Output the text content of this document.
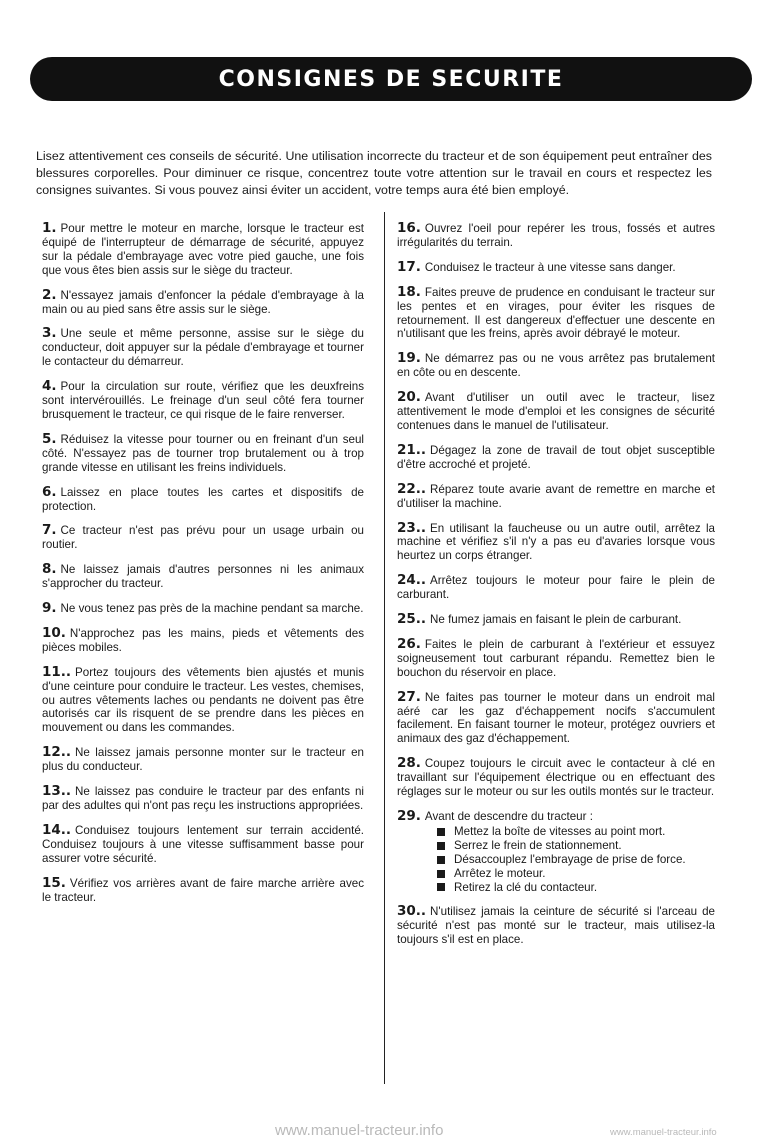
CONSIGNES DE SECURITE

Lisez attentivement ces conseils de sécurité. Une utilisation incorrecte du tracteur et de son équipement peut entraîner des blessures corporelles. Pour diminuer ce risque, concentrez toute votre attention sur le travail en cours et respectez les consignes suivantes. Si vous pouvez ainsi éviter un accident, votre temps aura été bien employé.

1. Pour mettre le moteur en marche, lorsque le tracteur est équipé de l'interrupteur de démarrage de sécurité, appuyez sur la pédale d'embrayage avec votre pied gauche, une fois que vous êtes bien assis sur le siège du tracteur.
2. N'essayez jamais d'enfoncer la pédale d'embrayage à la main ou au pied sans être assis sur le siège.
3. Une seule et même personne, assise sur le siège du conducteur, doit appuyer sur la pédale d'embrayage et tourner le contacteur du démarreur.
4. Pour la circulation sur route, vérifiez que les deuxfreins sont intervérouillés. Le freinage d'un seul côté fera tourner brusquement le tracteur, ce qui risque de le faire renverser.
5. Réduisez la vitesse pour tourner ou en freinant d'un seul côté. N'essayez pas de tourner trop brutalement ou à trop grande vitesse en utilisant les freins individuels.
6. Laissez en place toutes les cartes et dispositifs de protection.
7. Ce tracteur n'est pas prévu pour un usage urbain ou routier.
8. Ne laissez jamais d'autres personnes ni les animaux s'approcher du tracteur.
9. Ne vous tenez pas près de la machine pendant sa marche.
10. N'approchez pas les mains, pieds et vêtements des pièces mobiles.
11.. Portez toujours des vêtements bien ajustés et munis d'une ceinture pour conduire le tracteur. Les vestes, chemises, ou autres vêtements laches ou pendants ne doivent pas être autorisés car ils risquent de se prendre dans les pièces en mouvement ou dans les commandes.
12.. Ne laissez jamais personne monter sur le tracteur en plus du conducteur.
13.. Ne laissez pas conduire le tracteur par des enfants ni par des adultes qui n'ont pas reçu les instructions appropriées.
14.. Conduisez toujours lentement sur terrain accidenté. Conduisez toujours à une vitesse suffisamment basse pour assurer votre sécurité.
15. Vérifiez vos arrières avant de faire marche arrière avec le tracteur.
16. Ouvrez l'oeil pour repérer les trous, fossés et autres irrégularités du terrain.
17. Conduisez le tracteur à une vitesse sans danger.
18. Faites preuve de prudence en conduisant le tracteur sur les pentes et en virages, pour éviter les risques de retournement. Il est dangereux d'effectuer une descente en n'utilisant que les freins, après avoir débrayé le moteur.
19. Ne démarrez pas ou ne vous arrêtez pas brutalement en côte ou en descente.
20. Avant d'utiliser un outil avec le tracteur, lisez attentivement le mode d'emploi et les consignes de sécurité contenues dans le manuel de l'utilisateur.
21.. Dégagez la zone de travail de tout objet susceptible d'être accroché et projeté.
22.. Réparez toute avarie avant de remettre en marche et d'utiliser la machine.
23.. En utilisant la faucheuse ou un autre outil, arrêtez la machine et vérifiez s'il n'y a pas eu d'avaries lorsque vous heurtez un corps étranger.
24.. Arrêtez toujours le moteur pour faire le plein de carburant.
25.. Ne fumez jamais en faisant le plein de carburant.
26. Faites le plein de carburant à l'extérieur et essuyez soigneusement tout carburant répandu. Remettez bien le bouchon du réservoir en place.
27. Ne faites pas tourner le moteur dans un endroit mal aéré car les gaz d'échappement nocifs s'accumulent facilement. En faisant tourner le moteur, protégez ouvriers et animaux des gaz d'échappement.
28. Coupez toujours le circuit avec le contacteur à clé en travaillant sur l'équipement électrique ou en effectuant des réglages sur le moteur ou sur les outils montés sur le tracteur.
29. Avant de descendre du tracteur :
Mettez la boîte de vitesses au point mort.
Serrez le frein de stationnement.
Désaccouplez l'embrayage de prise de force.
Arrêtez le moteur.
Retirez la clé du contacteur.
30.. N'utilisez jamais la ceinture de sécurité si l'arceau de sécurité n'est pas monté sur le tracteur, mais utilisez-la toujours s'il est en place.
www.manuel-tracteur.info	www.manuel-tracteur.info
